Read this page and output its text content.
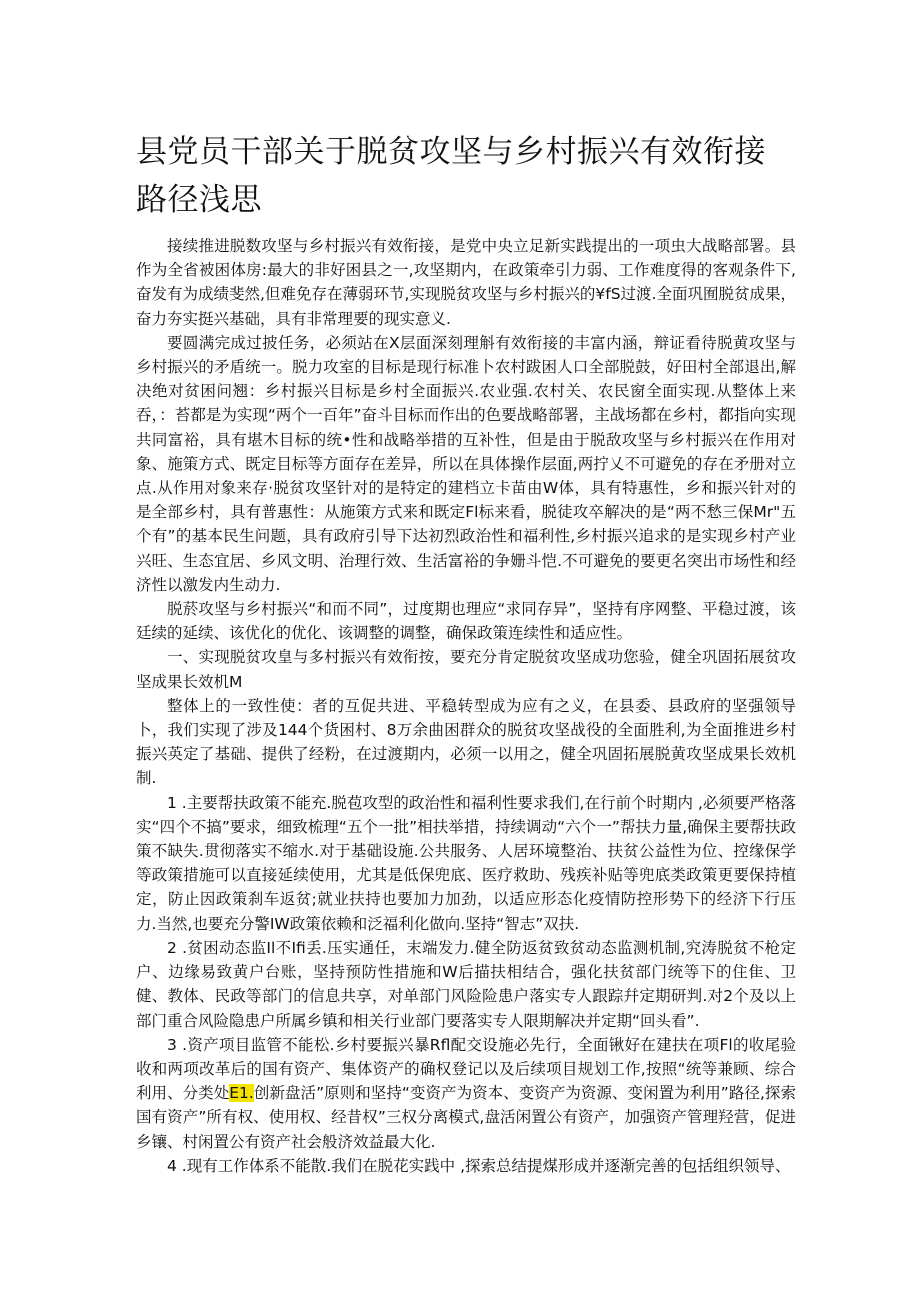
县党员干部关于脱贫攻坚与乡村振兴有效衔接路径浅思

接续推进脱数攻坚与乡村振兴有效衔接，是党中央立足新实践提出的一项虫大战略部署。县作为全省被困体房:最大的非好困县之一,攻坚期内，在政策牵引力弱、工作难度得的客观条件下,奋发有为成绩斐然,但难免存在薄弱环节,实现脱贫攻坚与乡村振兴的¥fS过渡.全面巩囿脱贫成果，奋力夯实挺兴基础，具有非常理要的现实意义.

要圆满完成过披任务，必须站在X层面深刻理斛有效衔接的丰富内涵，辩证看待脱黄攻坚与乡村振兴的矛盾统一。脱力攻室的目标是现行标准卜农村跋困人口全部脱鼓，好田村全部退出,解决绝对贫困问翘：乡村振兴目标是乡村全面振兴.农业强.农村关、农民窗全面实现.从整体上来吞，：苔都是为实现“两个一百年”奋斗目标而作出的色要战略部署，主战场都在乡村，都指向实现共同富裕，具有堪木目标的统•性和战略举措的互补性，但是由于脱敌攻坚与乡村振兴在作用对象、施策方式、既定目标等方面存在差异，所以在具体操作层面,两拧乂不可避免的存在矛册对立点.从作用对象来存·脱贫攻坚针对的是特定的建档立卡苗由W体，具有特惠性，乡和振兴针对的是全部乡村，具有普惠性：从施策方式来和既定Fl标来看，脱徒攻卒解决的是“两不愁三保Mr"五个有”的基本民生问题，具有政府引导下达初烈政治性和福利性,乡村振兴追求的是实现乡村产业兴旺、生态宜居、乡风文明、治理行效、生活富裕的争姗斗恺.不可避免的要更名突出市场性和经济性以激发内生动力.

脱菸攻坚与乡村振兴“和而不同”，过度期也理应“求同存异”，坚持有序网整、平稳过渡，该廷续的延续、该优化的优化、该调整的调整，确保政策连续性和适应性。

一、实现脱贫攻皇与多村振兴有效衔按，要充分肯定脱贫攻坚成功您验，健全巩固拓展贫攻坚成果长效机M

整体上的一致性使：者的互促共进、平稳转型成为应有之义，在县委、县政府的坚强领导卜，我们实现了涉及144个货困村、8万余曲困群众的脱贫攻坚战役的全面胜利,为全面推进乡村振兴英定了基础、提供了经粉，在过渡期内，必须一以用之，健全巩固拓展脱黄攻坚成果长效机制.

1 .主要帮扶政策不能充.脱苞攻型的政治性和福利性要求我们,在行前个时期内 ,必须要严格落实“四个不搞”要求，细致梳理“五个一批”相扶举措，持续调动“六个一”帮扶力量,确保主要帮扶政策不缺失.贯彻落实不缩水.对于基础设施.公共服务、人居环境整治、扶贫公益性为位、控缘保学等政策措施可以直接延续使用，尤其是低保兜底、医疗救助、残疾补贴等兜底类政策更要保持植定，防止因政策刹车返贫;就业扶持也要加力加劲，以适应形态化疫情防控形势下的经济下行压力.当然,也要充分警IW政策依赖和泛福利化做向.坚持“智志”双扶.

2 .贫困动态监Il不Ifi丢.压实通任，末端发力.健全防返贫致贫动态监测机制,究涛脱贫不枪定户、边缘易致黄户台账，坚持预防性措施和W后描扶相结合，强化扶贫部门统等下的住隹、卫健、教体、民政等部门的信息共享，对单部门风险险患户落实专人跟踪幷定期研判.对2个及以上部门重合风险隐患户所属乡镇和相关行业部门要落实专人限期解决并定期“回头看”.

3 .资产项目监管不能松.乡村要振兴暴Rfl配交设施必先行，全面锹好在建扶在项Fl的收尾验收和两项改革后的国有资产、集体资产的确权登记以及后续项目规划工作,按照“统等兼顾、综合利用、分类处E1.创新盘活”原则和坚持“变资产为资本、变资产为资源、变闲置为利用”路径,探索国有资产”所有权、使用权、经昔权”三权分离模式,盘活闲置公有资产，加强资产管理羟营，促进乡镶、村闲置公有资产社会般济效益最大化.

4 .现有工作体系不能散.我们在脱花实践中 ,探索总结提煤形成并逐渐完善的包括组织领导、
